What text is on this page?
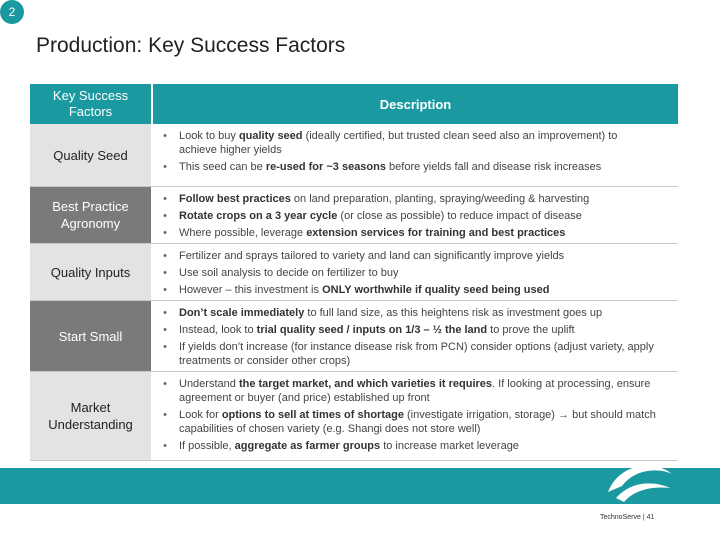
2
Production: Key Success Factors
Key Success Factors	Description
Quality Seed
•	Look to buy quality seed (ideally certified, but trusted clean seed also an improvement) to achieve higher yields
•	This seed can be re-used for ~3 seasons before yields fall and disease risk increases
Best Practice Agronomy
•	Follow best practices on land preparation, planting, spraying/weeding & harvesting
•	Rotate crops on a 3 year cycle (or close as possible) to reduce impact of disease
•	Where possible, leverage extension services for training and best practices
Quality Inputs
•	Fertilizer and sprays tailored to variety and land can significantly improve yields
•	Use soil analysis to decide on fertilizer to buy
•	However – this investment is ONLY worthwhile if quality seed being used
Start Small
•	Don’t scale immediately to full land size, as this heightens risk as investment goes up
•	Instead, look to trial quality seed / inputs on 1/3 – ½ the land to prove the uplift
•	If yields don’t increase (for instance disease risk from PCN) consider options (adjust variety, apply treatments or consider other crops)
Market Understanding
•	Understand the target market, and which varieties it requires. If looking at processing, ensure agreement or buyer (and price) established up front
•	Look for options to sell at times of shortage (investigate irrigation, storage) → but should match capabilities of chosen variety (e.g. Shangi does not store well)
•	If possible, aggregate as farmer groups to increase market leverage
TechnoServe | 41
